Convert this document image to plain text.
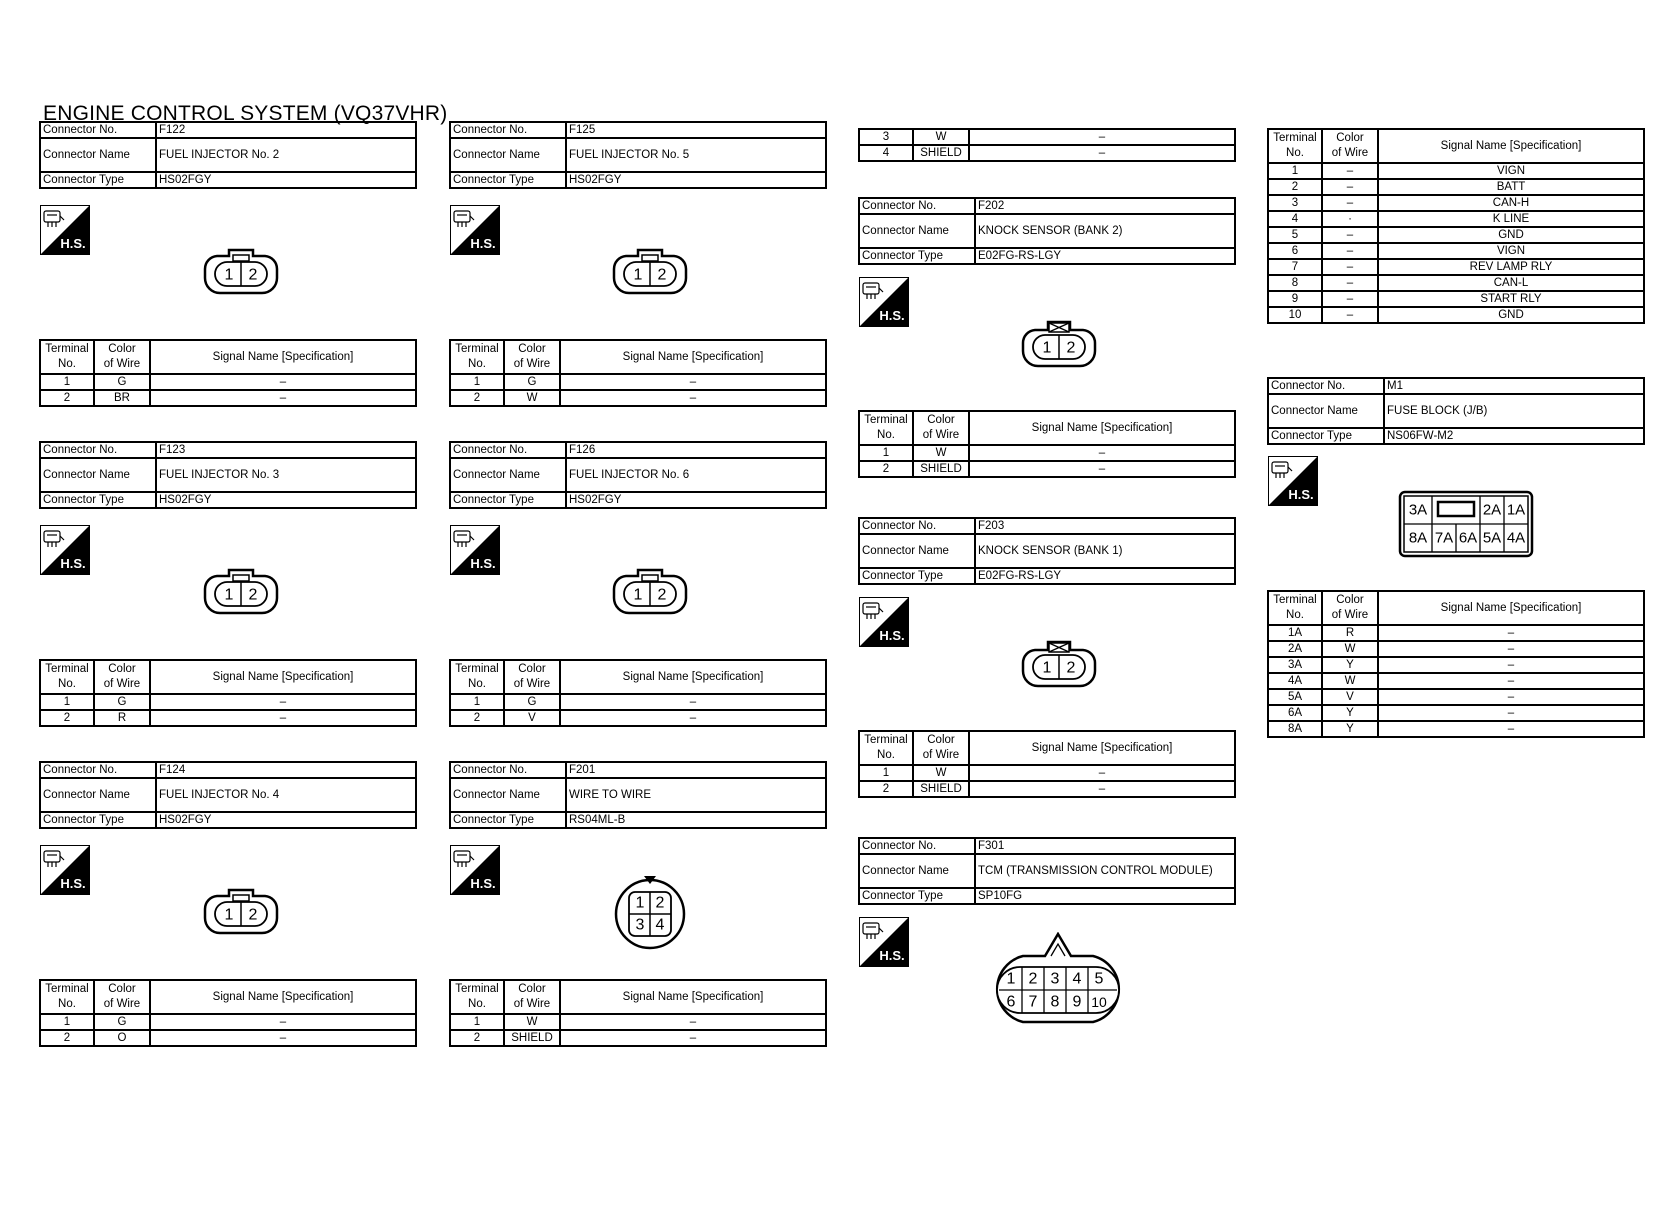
ENGINE CONTROL SYSTEM (VQ37VHR)
Connector No.	F122
Connector Name	FUEL INJECTOR No. 2
Connector Type	HS02FGY
H.S.
1 2
Terminal
No.	Color
of Wire	Signal Name [Specification]
1	G	–
2	BR	–
Connector No.	F123
Connector Name	FUEL INJECTOR No. 3
Connector Type	HS02FGY
H.S.
1 2
Terminal
No.	Color
of Wire	Signal Name [Specification]
1	G	–
2	R	–
Connector No.	F124
Connector Name	FUEL INJECTOR No. 4
Connector Type	HS02FGY
H.S.
1 2
Terminal
No.	Color
of Wire	Signal Name [Specification]
1	G	–
2	O	–
Connector No.	F125
Connector Name	FUEL INJECTOR No. 5
Connector Type	HS02FGY
H.S.
1 2
Terminal
No.	Color
of Wire	Signal Name [Specification]
1	G	–
2	W	–
Connector No.	F126
Connector Name	FUEL INJECTOR No. 6
Connector Type	HS02FGY
H.S.
1 2
Terminal
No.	Color
of Wire	Signal Name [Specification]
1	G	–
2	V	–
Connector No.	F201
Connector Name	WIRE TO WIRE
Connector Type	RS04ML-B
H.S.
1 2
3 4
Terminal
No.	Color
of Wire	Signal Name [Specification]
1	W	–
2	SHIELD	–
3	W	–
4	SHIELD	–
Connector No.	F202
Connector Name	KNOCK SENSOR (BANK 2)
Connector Type	E02FG-RS-LGY
H.S.
1 2
Terminal
No.	Color
of Wire	Signal Name [Specification]
1	W	–
2	SHIELD	–
Connector No.	F203
Connector Name	KNOCK SENSOR (BANK 1)
Connector Type	E02FG-RS-LGY
H.S.
1 2
Terminal
No.	Color
of Wire	Signal Name [Specification]
1	W	–
2	SHIELD	–
Connector No.	F301
Connector Name	TCM (TRANSMISSION CONTROL MODULE)
Connector Type	SP10FG
H.S.
1 2 3 4 5
6 7 8 9 10
Terminal
No.	Color
of Wire	Signal Name [Specification]
1	–	VIGN
2	–	BATT
3	–	CAN-H
4	·	K LINE
5	–	GND
6	–	VIGN
7	–	REV LAMP RLY
8	–	CAN-L
9	–	START RLY
10	–	GND
Connector No.	M1
Connector Name	FUSE BLOCK (J/B)
Connector Type	NS06FW-M2
H.S.
3A	2A 1A
8A 7A 6A 5A 4A
Terminal
No.	Color
of Wire	Signal Name [Specification]
1A	R	–
2A	W	–
3A	Y	–
4A	W	–
5A	V	–
6A	Y	–
8A	Y	–
